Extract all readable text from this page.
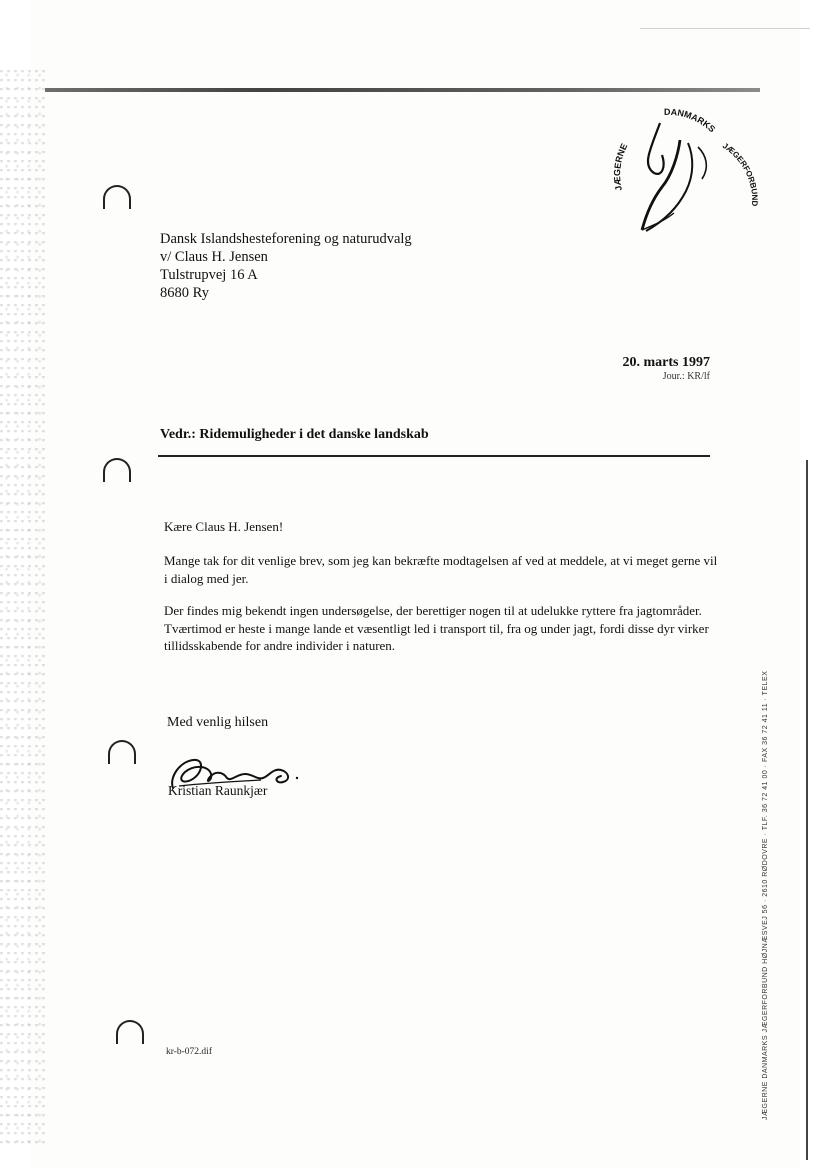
JÆGERNE
DANMARKS
JÆGERFORBUND
Dansk Islandshesteforening og naturudvalg
v/ Claus H. Jensen
Tulstrupvej 16 A
8680 Ry
20. marts 1997
Jour.: KR/lf
Vedr.: Ridemuligheder i det danske landskab
Kære Claus H. Jensen!
Mange tak for dit venlige brev, som jeg kan bekræfte modtagelsen af ved at meddele, at vi meget gerne vil i dialog med jer.
Der findes mig bekendt ingen undersøgelse, der berettiger nogen til at udelukke ryttere fra jagtområder. Tværtimod er heste i mange lande et væsentligt led i transport til, fra og under jagt, fordi disse dyr virker tillidsskabende for andre individer i naturen.
Med venlig hilsen
Kristian Raunkjær
kr-b-072.dif	JÆGERNE DANMARKS JÆGERFORBUND HØJNÆSVEJ 56 · 2610 RØDOVRE · TLF. 36 72 41 00 · FAX 36 72 41 11 · TELEX
